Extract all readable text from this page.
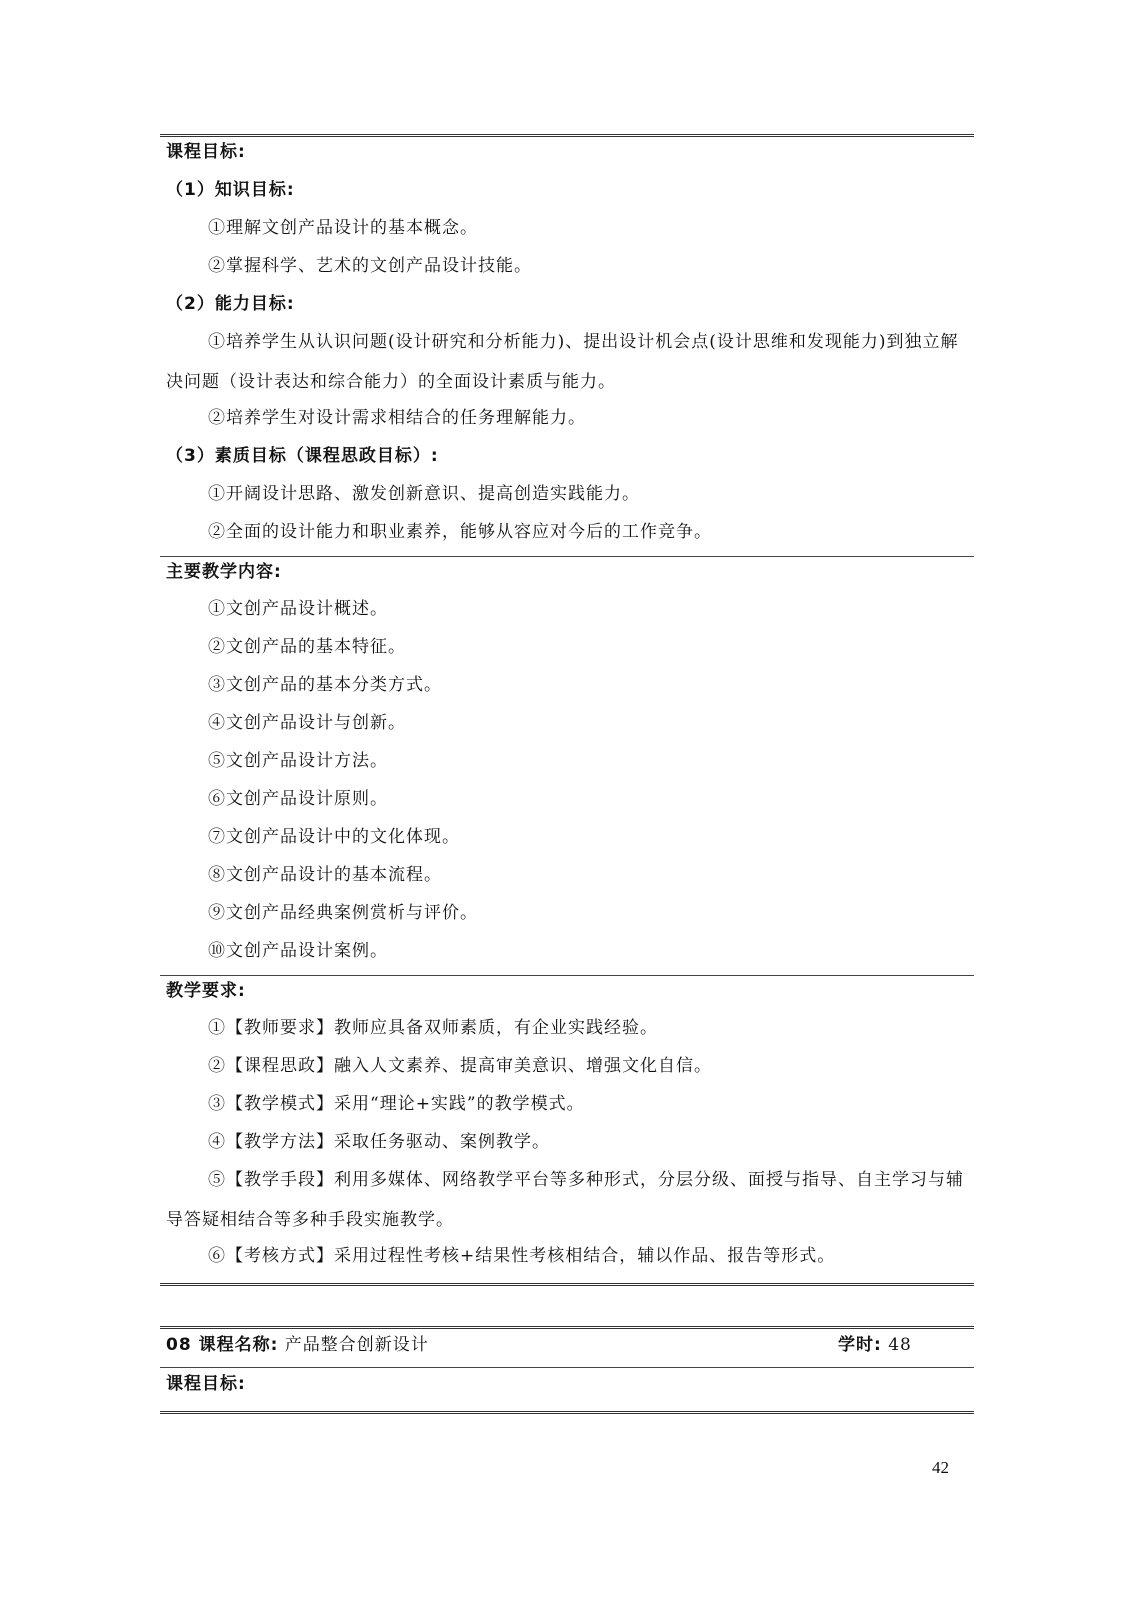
课程目标:
（1）知识目标:
①理解文创产品设计的基本概念。
②掌握科学、艺术的文创产品设计技能。
（2）能力目标:
①培养学生从认识问题(设计研究和分析能力)、提出设计机会点(设计思维和发现能力)到独立解决问题（设计表达和综合能力）的全面设计素质与能力。
②培养学生对设计需求相结合的任务理解能力。
（3）素质目标（课程思政目标）:
①开阔设计思路、激发创新意识、提高创造实践能力。
②全面的设计能力和职业素养，能够从容应对今后的工作竞争。
主要教学内容:
①文创产品设计概述。
②文创产品的基本特征。
③文创产品的基本分类方式。
④文创产品设计与创新。
⑤文创产品设计方法。
⑥文创产品设计原则。
⑦文创产品设计中的文化体现。
⑧文创产品设计的基本流程。
⑨文创产品经典案例赏析与评价。
⑩文创产品设计案例。
教学要求:
①【教师要求】教师应具备双师素质，有企业实践经验。
②【课程思政】融入人文素养、提高审美意识、增强文化自信。
③【教学模式】采用“理论+实践”的教学模式。
④【教学方法】采取任务驱动、案例教学。
⑤【教学手段】利用多媒体、网络教学平台等多种形式，分层分级、面授与指导、自主学习与辅导答疑相结合等多种手段实施教学。
⑥【考核方式】采用过程性考核+结果性考核相结合，辅以作品、报告等形式。
08 课程名称: 产品整合创新设计	学时: 48
课程目标:
42
